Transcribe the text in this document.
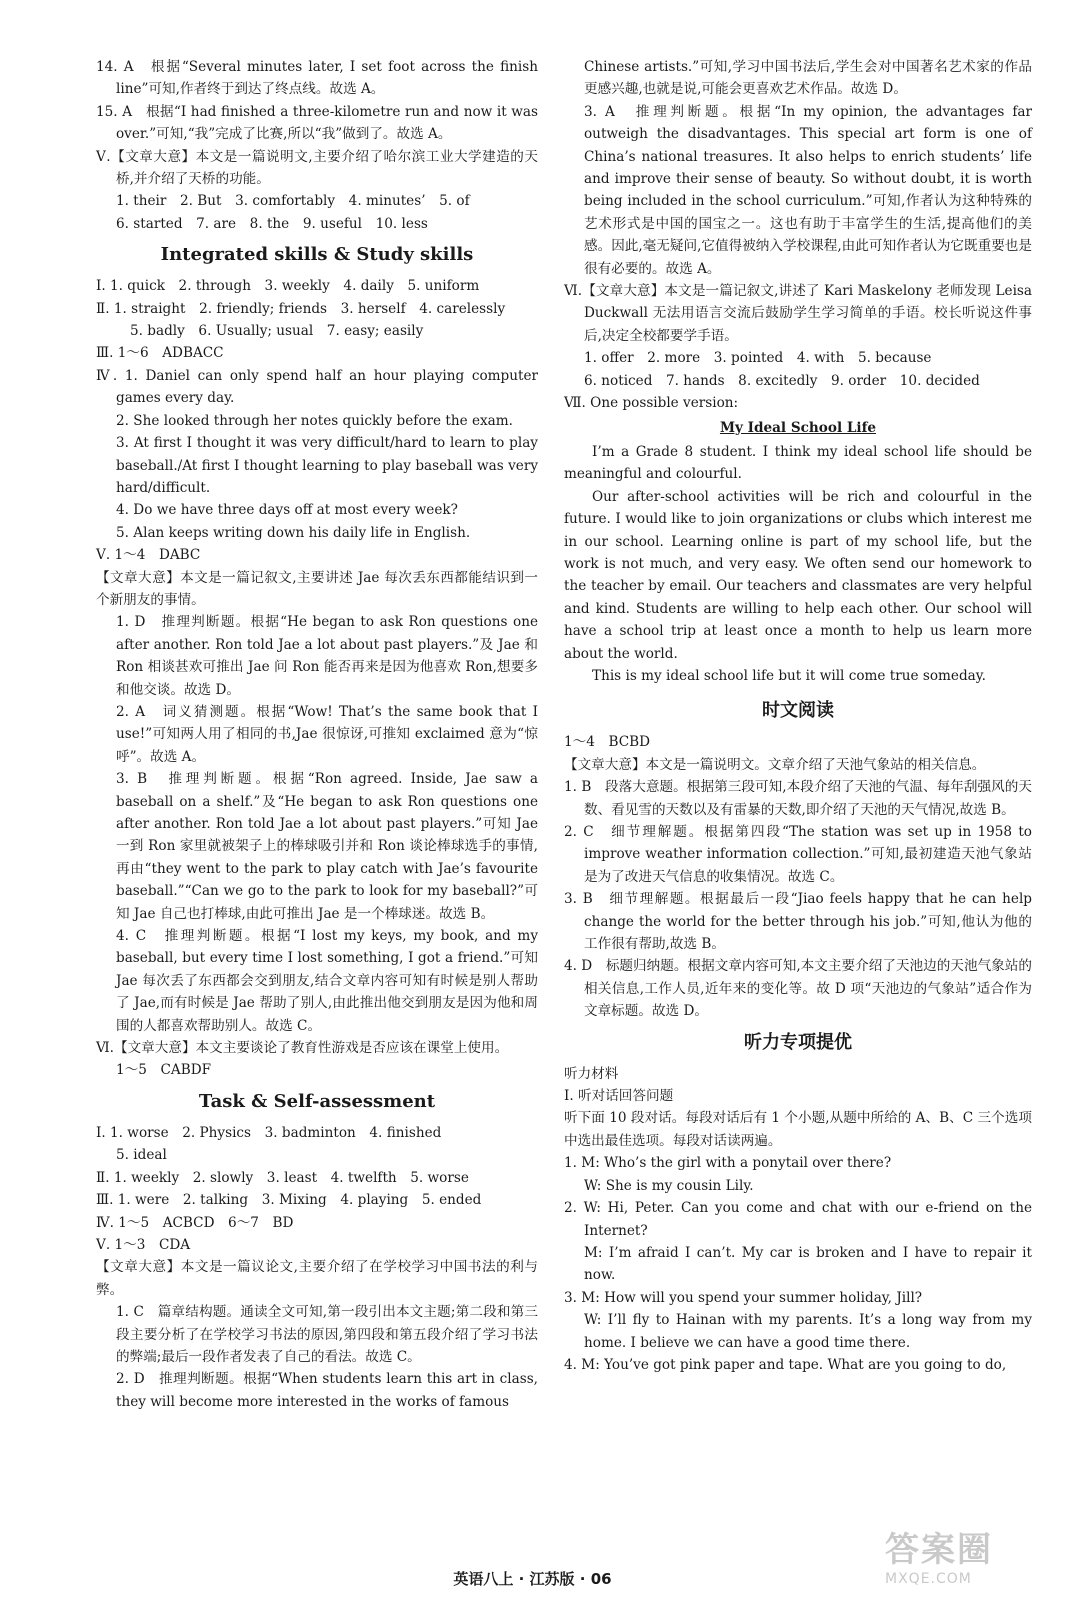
14. A　根据“Several minutes later, I set foot across the finish line”可知,作者终于到达了终点线。故选 A。

15. A　根据“I had finished a three-kilometre run and now it was over.”可知,“我”完成了比赛,所以“我”做到了。故选 A。

Ⅴ.【文章大意】本文是一篇说明文,主要介绍了哈尔滨工业大学建造的天桥,并介绍了天桥的功能。

1. their　2. But　3. comfortably　4. minutes’　5. of

6. started　7. are　8. the　9. useful　10. less

Integrated skills & Study skills

Ⅰ. 1. quick　2. through　3. weekly　4. daily　5. uniform

Ⅱ. 1. straight　2. friendly; friends　3. herself　4. carelessly

5. badly　6. Usually; usual　7. easy; easily

Ⅲ. 1～6　ADBACC

Ⅳ. 1. Daniel can only spend half an hour playing computer games every day.

2. She looked through her notes quickly before the exam.

3. At first I thought it was very difficult/hard to learn to play baseball./At first I thought learning to play baseball was very hard/difficult.

4. Do we have three days off at most every week?

5. Alan keeps writing down his daily life in English.

Ⅴ. 1～4　DABC

【文章大意】本文是一篇记叙文,主要讲述 Jae 每次丢东西都能结识到一个新朋友的事情。

1. D　推理判断题。根据“He began to ask Ron questions one after another. Ron told Jae a lot about past players.”及 Jae 和 Ron 相谈甚欢可推出 Jae 问 Ron 能否再来是因为他喜欢 Ron,想要多和他交谈。故选 D。

2. A　词义猜测题。根据“Wow! That’s the same book that I use!”可知两人用了相同的书,Jae 很惊讶,可推知 exclaimed 意为“惊呼”。故选 A。

3. B　推理判断题。根据“Ron agreed. Inside, Jae saw a baseball on a shelf.”及“He began to ask Ron questions one after another. Ron told Jae a lot about past players.”可知 Jae 一到 Ron 家里就被架子上的棒球吸引并和 Ron 谈论棒球选手的事情,再由“they went to the park to play catch with Jae’s favourite baseball.”“Can we go to the park to look for my baseball?”可知 Jae 自己也打棒球,由此可推出 Jae 是一个棒球迷。故选 B。

4. C　推理判断题。根据“I lost my keys, my book, and my baseball, but every time I lost something, I got a friend.”可知 Jae 每次丢了东西都会交到朋友,结合文章内容可知有时候是别人帮助了 Jae,而有时候是 Jae 帮助了别人,由此推出他交到朋友是因为他和周围的人都喜欢帮助别人。故选 C。

Ⅵ.【文章大意】本文主要谈论了教育性游戏是否应该在课堂上使用。

1～5　CABDF

Task & Self-assessment

Ⅰ. 1. worse　2. Physics　3. badminton　4. finished

5. ideal

Ⅱ. 1. weekly　2. slowly　3. least　4. twelfth　5. worse

Ⅲ. 1. were　2. talking　3. Mixing　4. playing　5. ended

Ⅳ. 1～5　ACBCD　6～7　BD

Ⅴ. 1～3　CDA

【文章大意】本文是一篇议论文,主要介绍了在学校学习中国书法的利与弊。

1. C　篇章结构题。通读全文可知,第一段引出本文主题;第二段和第三段主要分析了在学校学习书法的原因,第四段和第五段介绍了学习书法的弊端;最后一段作者发表了自己的看法。故选 C。

2. D　推理判断题。根据“When students learn this art in class, they will become more interested in the works of famous

Chinese artists.”可知,学习中国书法后,学生会对中国著名艺术家的作品更感兴趣,也就是说,可能会更喜欢艺术作品。故选 D。

3. A　推理判断题。根据“In my opinion, the advantages far outweigh the disadvantages. This special art form is one of China’s national treasures. It also helps to enrich students’ life and improve their sense of beauty. So without doubt, it is worth being included in the school curriculum.”可知,作者认为这种特殊的艺术形式是中国的国宝之一。这也有助于丰富学生的生活,提高他们的美感。因此,毫无疑问,它值得被纳入学校课程,由此可知作者认为它既重要也是很有必要的。故选 A。

Ⅵ.【文章大意】本文是一篇记叙文,讲述了 Kari Maskelony 老师发现 Leisa Duckwall 无法用语言交流后鼓励学生学习简单的手语。校长听说这件事后,决定全校都要学手语。

1. offer　2. more　3. pointed　4. with　5. because

6. noticed　7. hands　8. excitedly　9. order　10. decided

Ⅶ. One possible version:

My Ideal School Life

I’m a Grade 8 student. I think my ideal school life should be meaningful and colourful.

Our after-school activities will be rich and colourful in the future. I would like to join organizations or clubs which interest me in our school. Learning online is part of my school life, but the work is not much, and very easy. We often send our homework to the teacher by email. Our teachers and classmates are very helpful and kind. Students are willing to help each other. Our school will have a school trip at least once a month to help us learn more about the world.

This is my ideal school life but it will come true someday.

时文阅读

1～4　BCBD

【文章大意】本文是一篇说明文。文章介绍了天池气象站的相关信息。

1. B　段落大意题。根据第三段可知,本段介绍了天池的气温、每年刮强风的天数、看见雪的天数以及有雷暴的天数,即介绍了天池的天气情况,故选 B。

2. C　细节理解题。根据第四段“The station was set up in 1958 to improve weather information collection.”可知,最初建造天池气象站是为了改进天气信息的收集情况。故选 C。

3. B　细节理解题。根据最后一段“Jiao feels happy that he can help change the world for the better through his job.”可知,他认为他的工作很有帮助,故选 B。

4. D　标题归纳题。根据文章内容可知,本文主要介绍了天池边的天池气象站的相关信息,工作人员,近年来的变化等。故 D 项“天池边的气象站”适合作为文章标题。故选 D。

听力专项提优

听力材料

Ⅰ. 听对话回答问题

听下面 10 段对话。每段对话后有 1 个小题,从题中所给的 A、B、C 三个选项中选出最佳选项。每段对话读两遍。

1. M: Who’s the girl with a ponytail over there?

W: She is my cousin Lily.

2. W: Hi, Peter. Can you come and chat with our e-friend on the Internet?

M: I’m afraid I can’t. My car is broken and I have to repair it now.

3. M: How will you spend your summer holiday, Jill?

W: I’ll fly to Hainan with my parents. It’s a long way from my home. I believe we can have a good time there.

4. M: You’ve got pink paper and tape. What are you going to do,

英语八上 · 江苏版 · 06
答案圈
MXQE.COM
